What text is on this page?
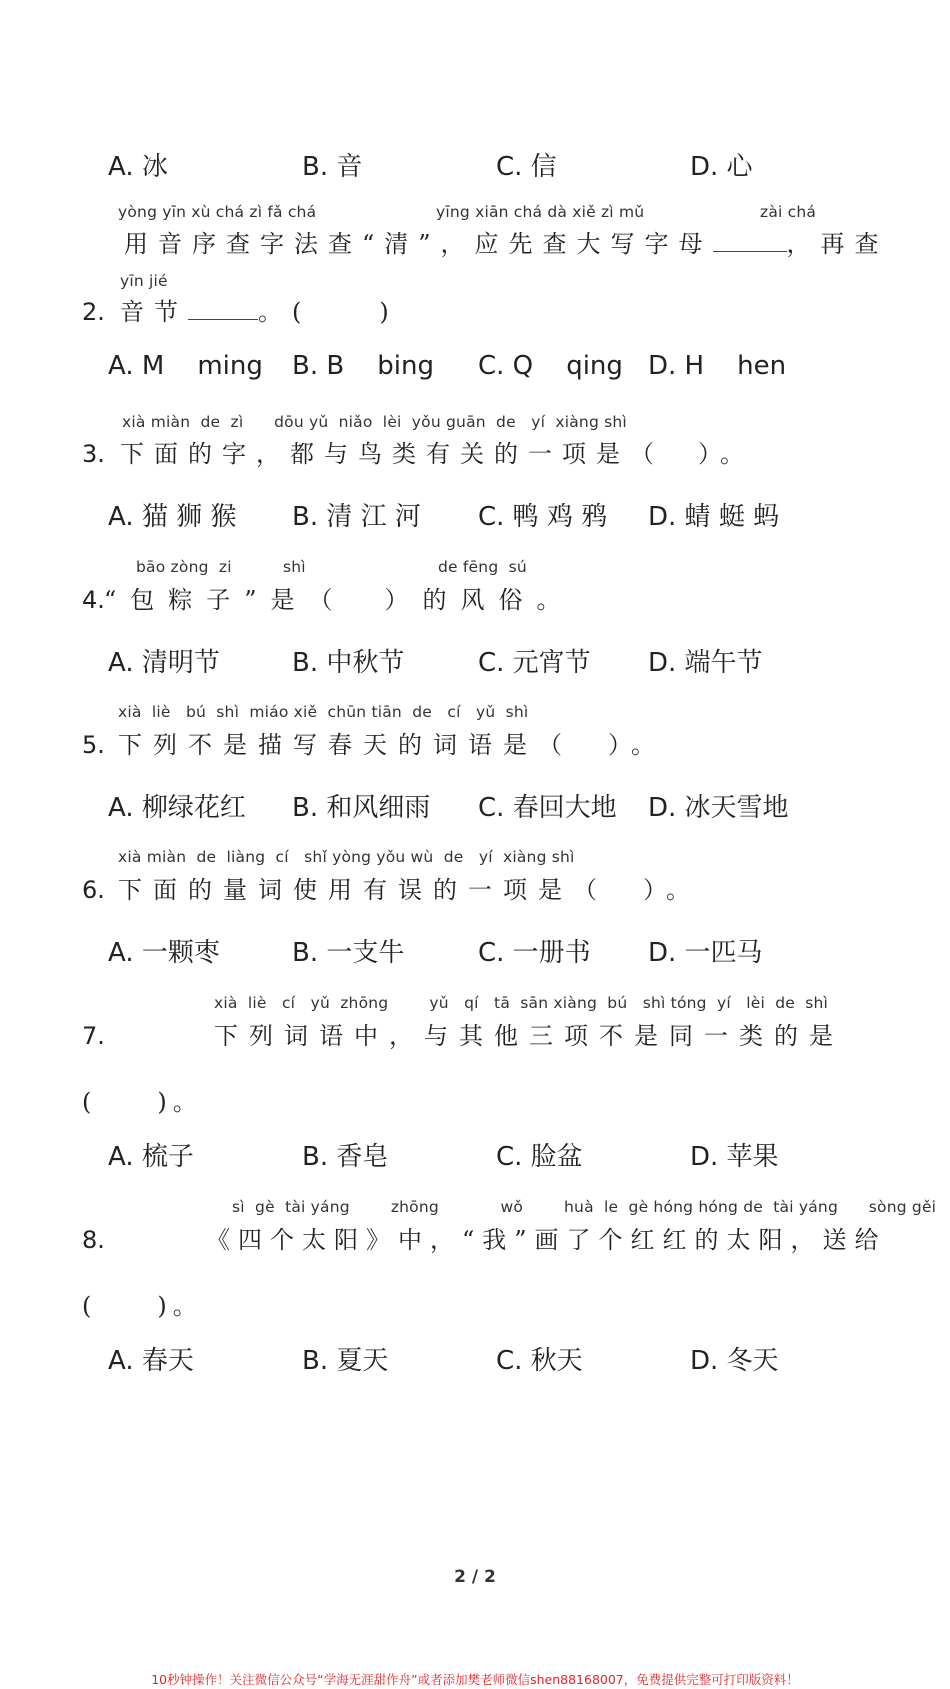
A. 冰	B. 音	C. 信	D. 心
yòng yīn xù chá zì fǎ chá	yīng xiān chá dà xiě zì mǔ	zài chá
用音序查字法查“清”，应先查大写字母	，再查
yīn jié
2. 音节	。(　　)
A. M    ming B. B    bing C. Q    qing D. H    hen
xià miàn  de  zì      dōu yǔ  niǎo  lèi  yǒu guān  de   yí  xiàng shì
3. 下面的字，都与鸟类有关的一项是（　）。
A. 猫 狮 猴 B. 清 江 河 C. 鸭 鸡 鸦 D. 蜻 蜓 蚂
bāo zòng  zi	shì	de fēng  sú
4. “包粽子”是（　）的风俗。
A. 清明节	B. 中秋节	C. 元宵节 D. 端午节
xià  liè   bú  shì  miáo xiě  chūn tiān  de   cí   yǔ  shì
5. 下列不是描写春天的词语是（　）。
A. 柳绿花红 B. 和风细雨 C. 春回大地 D. 冰天雪地
xià miàn  de  liàng  cí   shǐ yòng yǒu wù  de   yí  xiàng shì
6. 下面的量词使用有误的一项是（　）。
A. 一颗枣	B. 一支牛	C. 一册书 D. 一匹马
xià  liè   cí   yǔ  zhōng        yǔ   qí   tā  sān xiàng  bú   shì tóng  yí   lèi  de  shì
7.	下列词语中，与其他三项不是同一类的是
(　　)。
A. 梳子	B. 香皂	C. 脸盆	D. 苹果
sì  gè  tài yáng        zhōng            wǒ        huà  le  gè hóng hóng de  tài yáng      sòng gěi
8.	《四个太阳》中，“我”画了个红红的太阳，送给
(　　)。
A. 春天	B. 夏天	C. 秋天	D. 冬天
2 / 2
10秒钟操作！关注微信公众号“学海无涯甜作舟”或者添加樊老师微信shen88168007，免费提供完整可打印版资料！
